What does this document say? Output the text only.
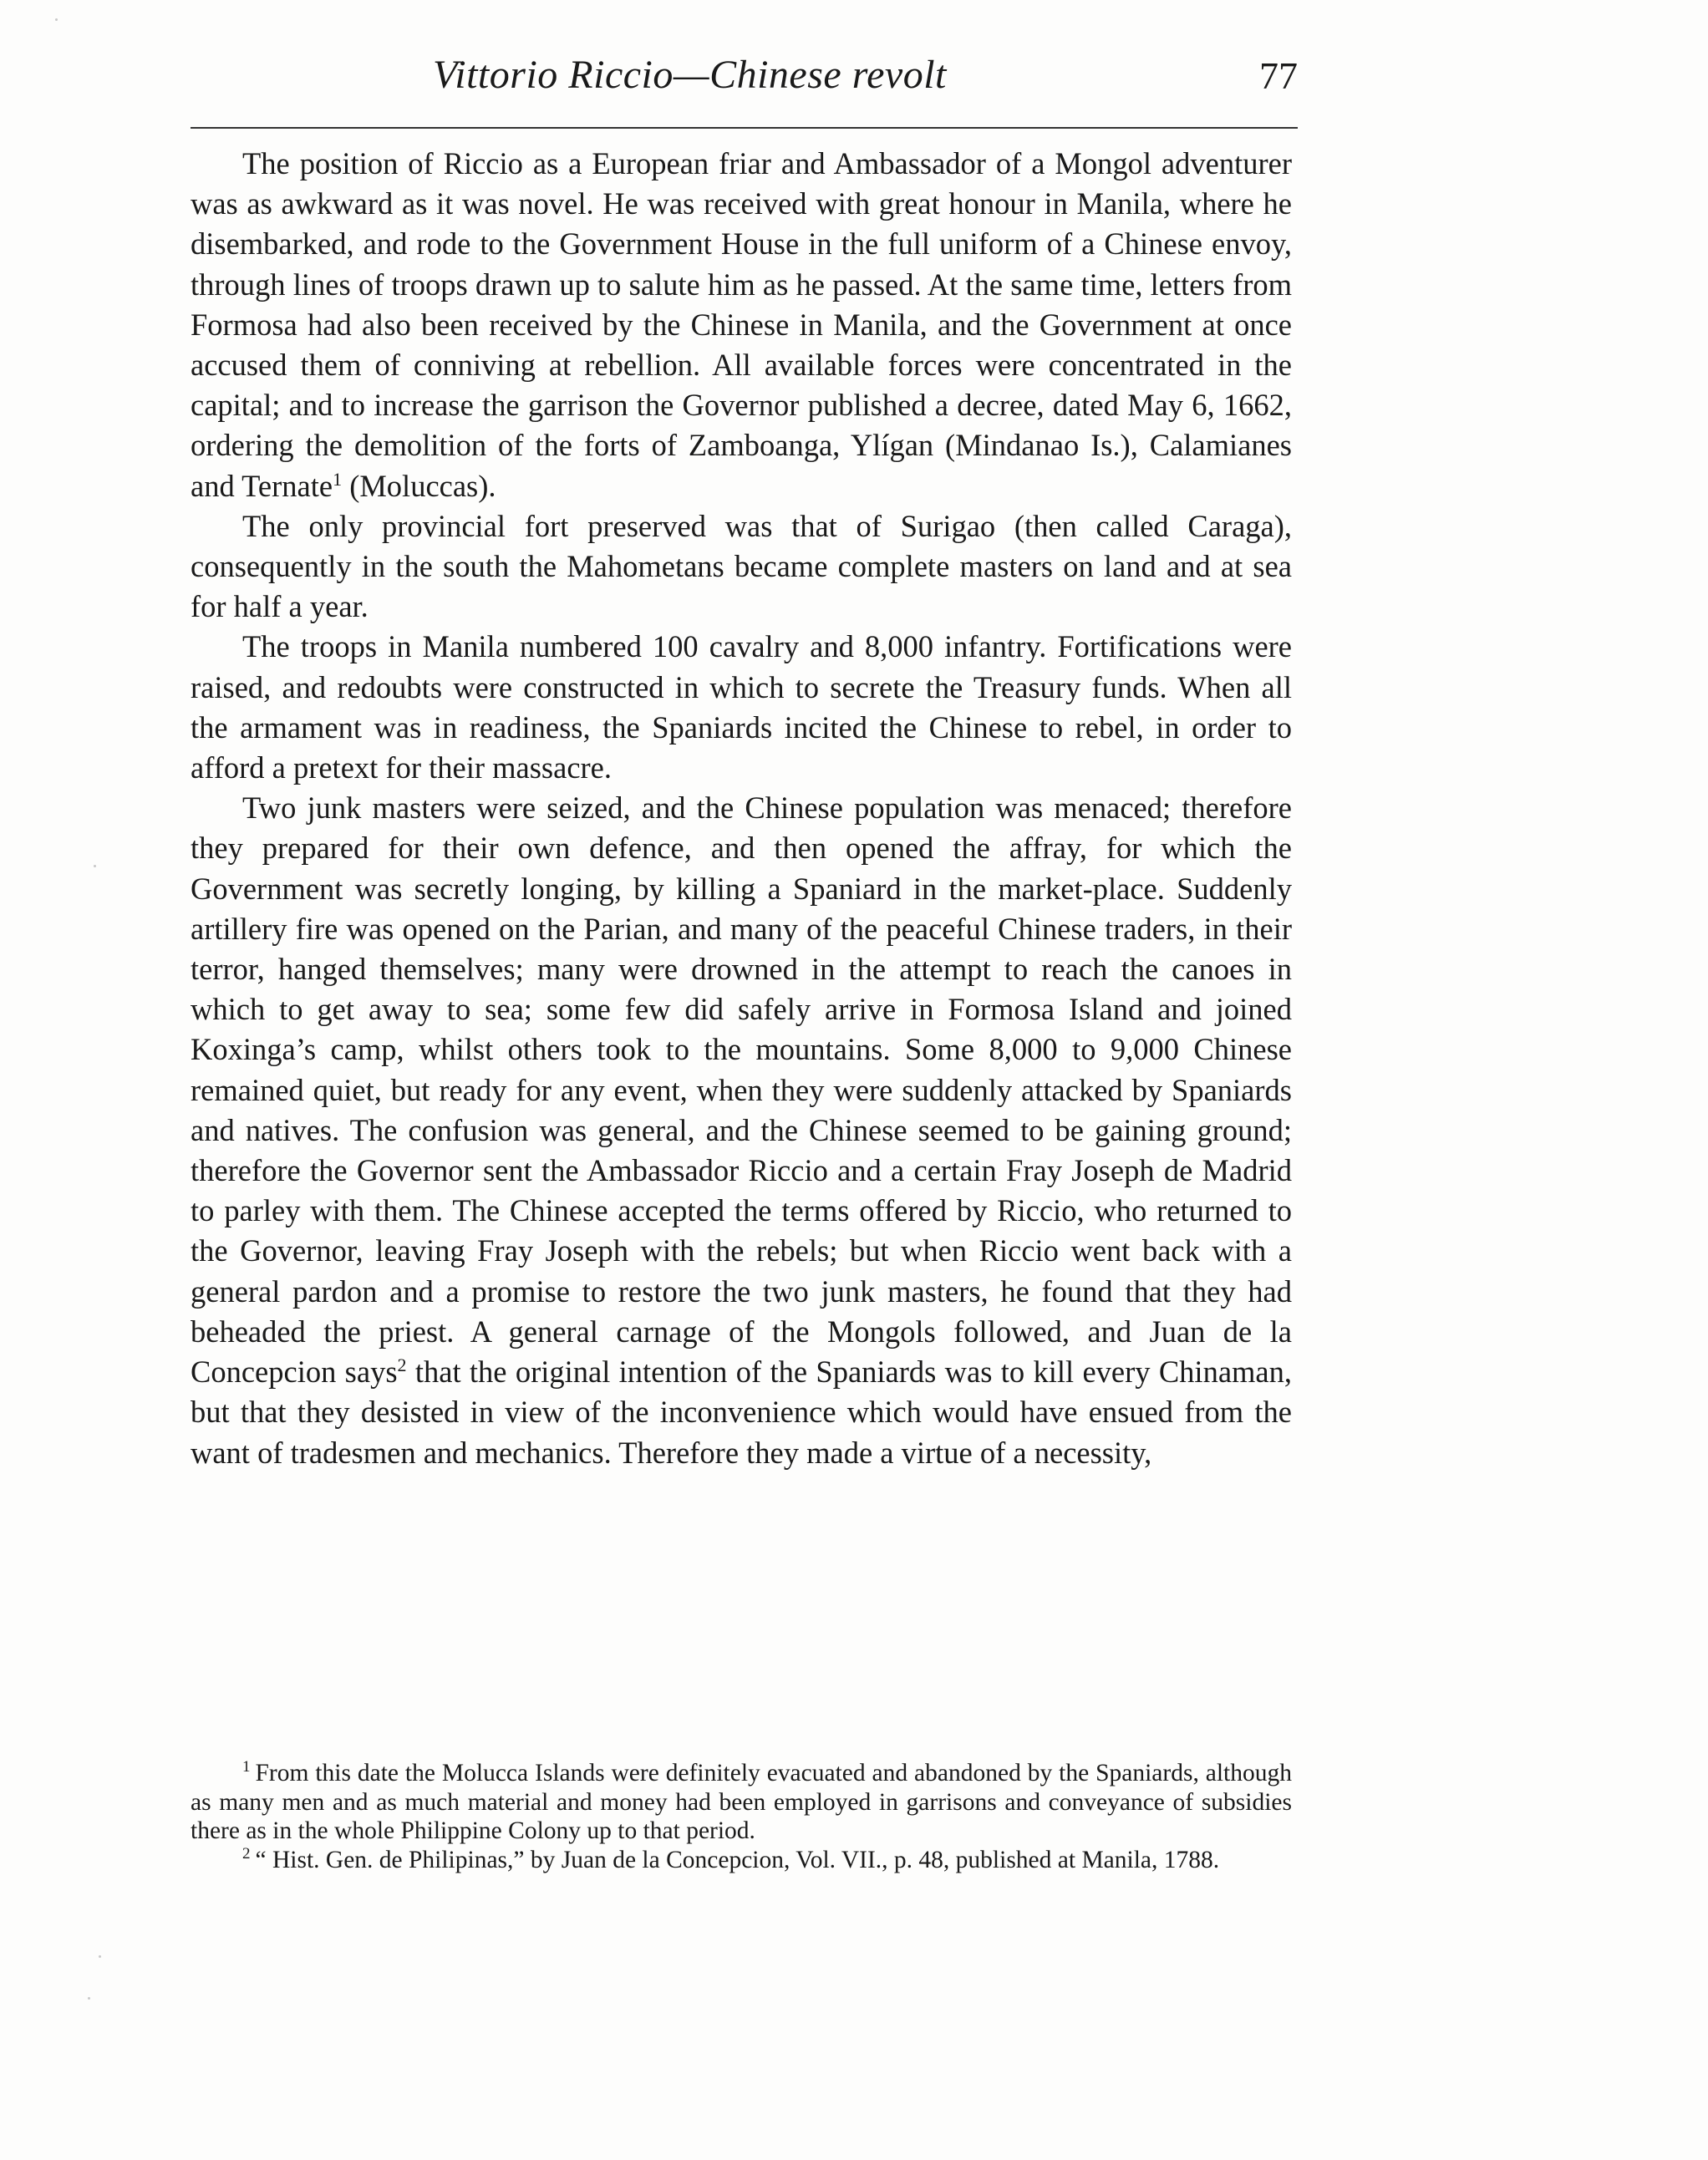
Vittorio Riccio—Chinese revolt	77

The position of Riccio as a European friar and Ambassador of a Mongol adventurer was as awkward as it was novel. He was received with great honour in Manila, where he disembarked, and rode to the Government House in the full uniform of a Chinese envoy, through lines of troops drawn up to salute him as he passed. At the same time, letters from Formosa had also been received by the Chinese in Manila, and the Government at once accused them of conniving at rebellion. All available forces were concentrated in the capital; and to increase the garrison the Governor published a decree, dated May 6, 1662, ordering the demolition of the forts of Zamboanga, Ylígan (Mindanao Is.), Calamianes and Ternate$^1$ (Moluccas).

The only provincial fort preserved was that of Surigao (then called Caraga), consequently in the south the Mahometans became complete masters on land and at sea for half a year.

The troops in Manila numbered 100 cavalry and 8,000 infantry. Fortifications were raised, and redoubts were constructed in which to secrete the Treasury funds. When all the armament was in readiness, the Spaniards incited the Chinese to rebel, in order to afford a pretext for their massacre.

Two junk masters were seized, and the Chinese population was menaced; therefore they prepared for their own defence, and then opened the affray, for which the Government was secretly longing, by killing a Spaniard in the market-place. Suddenly artillery fire was opened on the Parian, and many of the peaceful Chinese traders, in their terror, hanged themselves; many were drowned in the attempt to reach the canoes in which to get away to sea; some few did safely arrive in Formosa Island and joined Koxinga’s camp, whilst others took to the mountains. Some 8,000 to 9,000 Chinese remained quiet, but ready for any event, when they were suddenly attacked by Spaniards and natives. The confusion was general, and the Chinese seemed to be gaining ground; therefore the Governor sent the Ambassador Riccio and a certain Fray Joseph de Madrid to parley with them. The Chinese accepted the terms offered by Riccio, who returned to the Governor, leaving Fray Joseph with the rebels; but when Riccio went back with a general pardon and a promise to restore the two junk masters, he found that they had beheaded the priest. A general carnage of the Mongols followed, and Juan de la Concepcion says$^2$ that the original intention of the Spaniards was to kill every Chinaman, but that they desisted in view of the inconvenience which would have ensued from the want of tradesmen and mechanics. Therefore they made a virtue of a necessity,

$^1$ From this date the Molucca Islands were definitely evacuated and abandoned by the Spaniards, although as many men and as much material and money had been employed in garrisons and conveyance of subsidies there as in the whole Philippine Colony up to that period.

$^2$ “ Hist. Gen. de Philipinas,” by Juan de la Concepcion, Vol. VII., p. 48, published at Manila, 1788.
